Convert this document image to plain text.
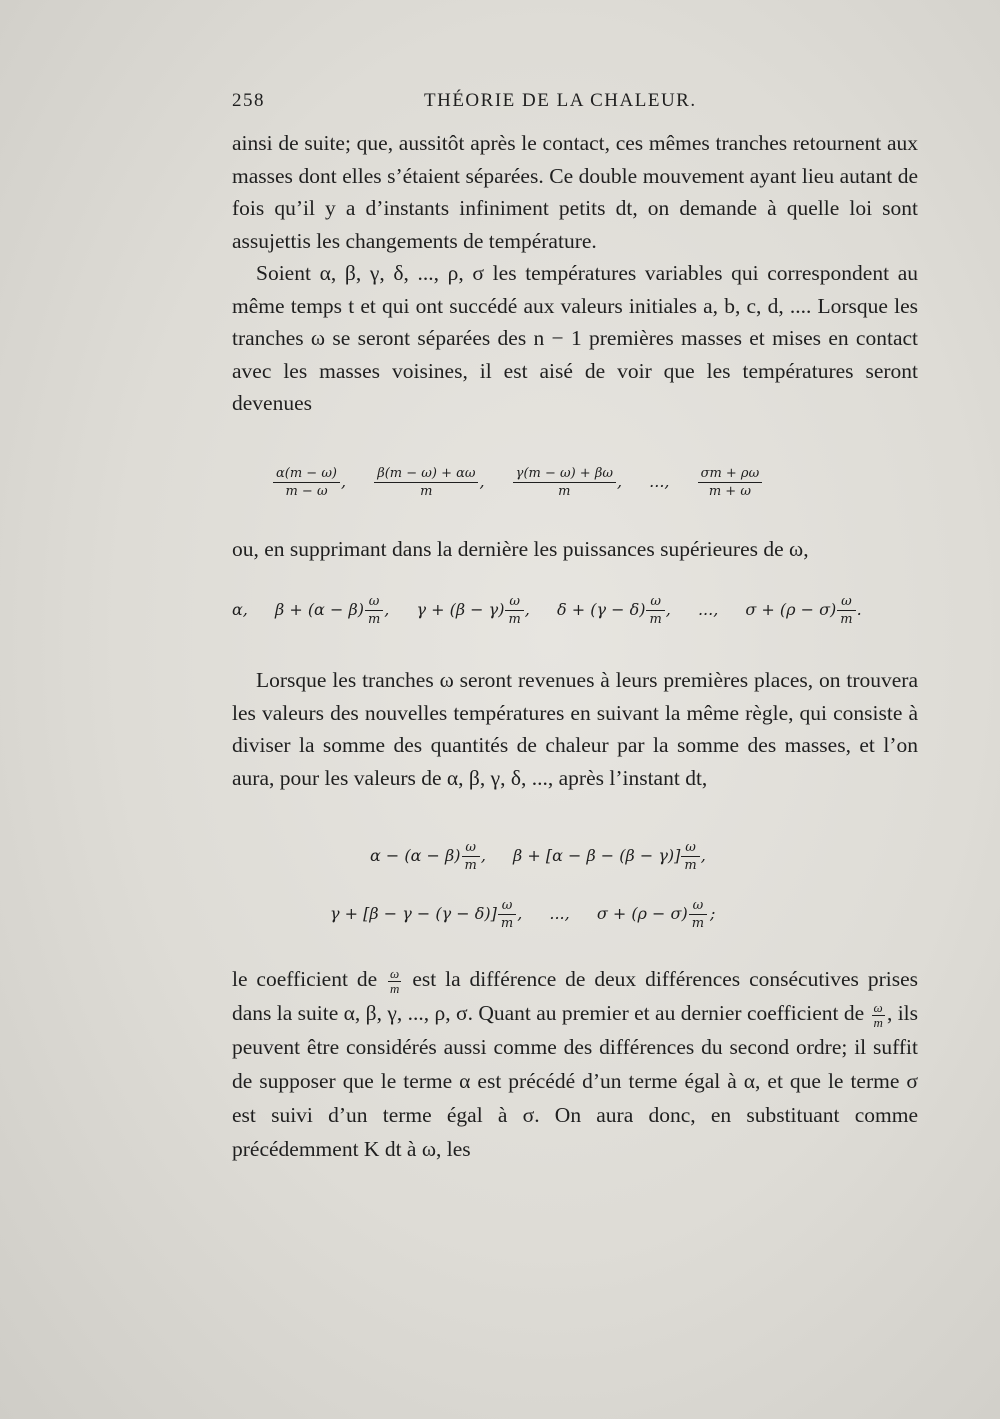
258	THÉORIE DE LA CHALEUR.

ainsi de suite; que, aussitôt après le contact, ces mêmes tranches retournent aux masses dont elles s’étaient séparées. Ce double mouvement ayant lieu autant de fois qu’il y a d’instants infiniment petits dt, on demande à quelle loi sont assujettis les changements de température.

Soient α, β, γ, δ, ..., ρ, σ les températures variables qui correspondent au même temps t et qui ont succédé aux valeurs initiales a, b, c, d, .... Lorsque les tranches ω se seront séparées des n − 1 premières masses et mises en contact avec les masses voisines, il est aisé de voir que les températures seront devenues

$\frac{\alpha(m - \omega)}{m - \omega}$ , $\frac{\beta(m - \omega) + \alpha\omega}{m}$ , $\frac{\gamma(m - \omega) + \beta\omega}{m}$ , ..., $\frac{\sigma m + \rho\omega}{m + \omega}$

ou, en supprimant dans la dernière les puissances supérieures de ω,

α, $\beta + (\alpha - \beta) \frac{\omega}{m}$ , $\gamma + (\beta - \gamma) \frac{\omega}{m}$ , $\delta + (\gamma - \delta) \frac{\omega}{m}$ , ..., $\sigma + (\rho - \sigma) \frac{\omega}{m}$ .

Lorsque les tranches ω seront revenues à leurs premières places, on trouvera les valeurs des nouvelles températures en suivant la même règle, qui consiste à diviser la somme des quantités de chaleur par la somme des masses, et l’on aura, pour les valeurs de α, β, γ, δ, ..., après l’instant dt,

$\alpha - (\alpha - \beta) \frac{\omega}{m}$ , $\beta + [\alpha - \beta - (\beta - \gamma)] \frac{\omega}{m}$ ,
$\gamma + [\beta - \gamma - (\gamma - \delta)] \frac{\omega}{m}$ , ..., $\sigma + (\rho - \sigma) \frac{\omega}{m}$ ;

le coefficient de $\frac{\omega}{m}$ est la différence de deux différences consécutives prises dans la suite α, β, γ, ..., ρ, σ. Quant au premier et au dernier coefficient de $\frac{\omega}{m}$ , ils peuvent être considérés aussi comme des différences du second ordre; il suffit de supposer que le terme α est précédé d’un terme égal à α, et que le terme σ est suivi d’un terme égal à σ. On aura donc, en substituant comme précédemment K dt à ω, les
